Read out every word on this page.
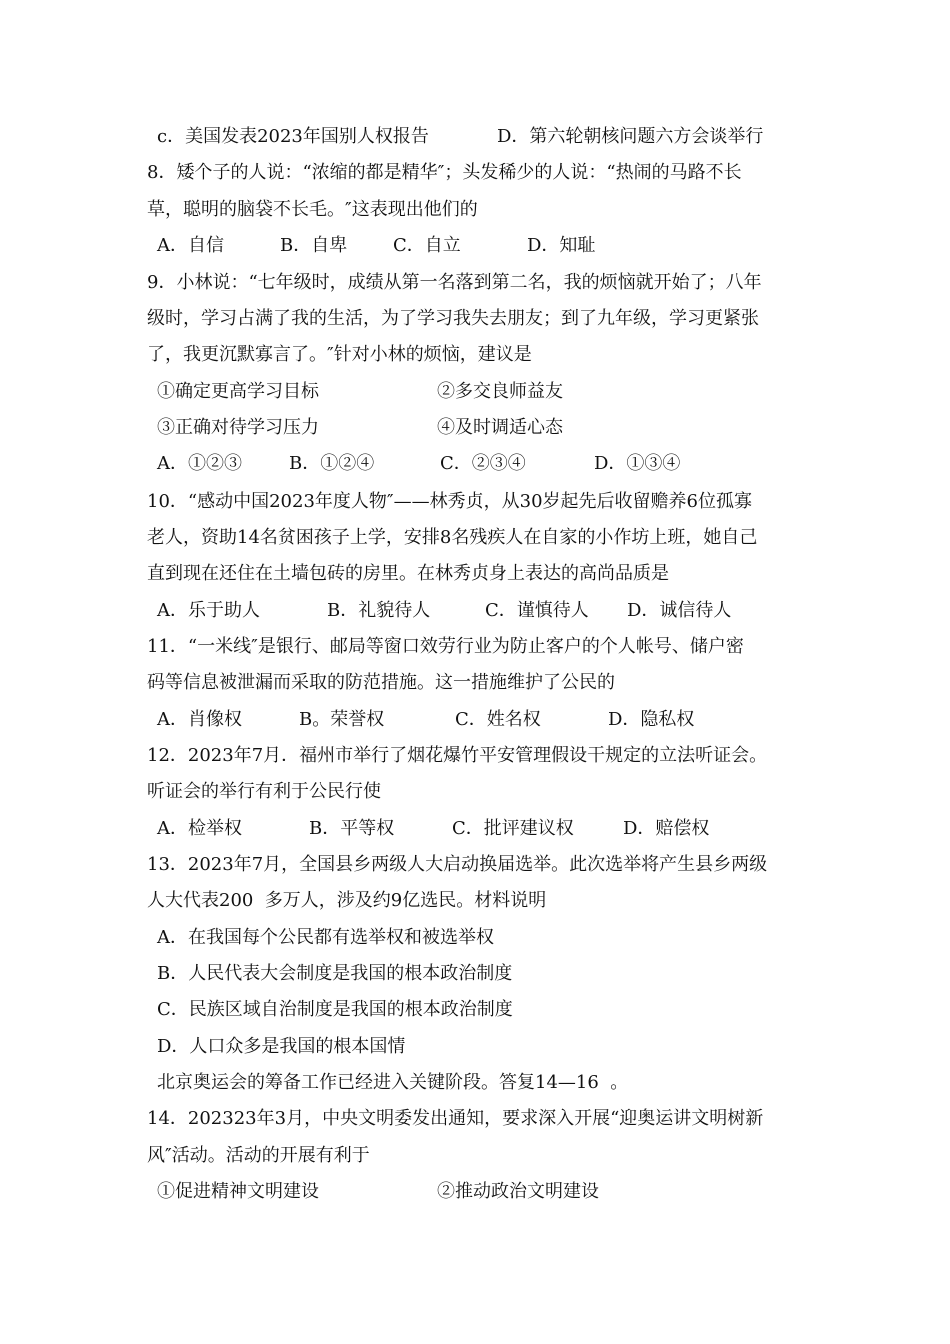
c．美国发表2023年国别人权报告	D．第六轮朝核问题六方会谈举行
8．矮个子的人说：“浓缩的都是精华″；头发稀少的人说：“热闹的马路不长
草，聪明的脑袋不长毛。″这表现出他们的
A．自信	B．自卑	C．自立	D．知耻
9．小林说：“七年级时，成绩从第一名落到第二名，我的烦恼就开始了；八年
级时，学习占满了我的生活，为了学习我失去朋友；到了九年级，学习更紧张
了，我更沉默寡言了。″针对小林的烦恼，建议是
①确定更高学习目标	②多交良师益友
③正确对待学习压力	④及时调适心态
A．①②③	B．①②④	C．②③④	D．①③④
10．“感动中国2023年度人物″——林秀贞，从30岁起先后收留赡养6位孤寡
老人，资助14名贫困孩子上学，安排8名残疾人在自家的小作坊上班，她自己
直到现在还住在土墙包砖的房里。在林秀贞身上表达的高尚品质是
A．乐于助人	B．礼貌待人	C．谨慎待人 D．诚信待人
11．“一米线″是银行、邮局等窗口效劳行业为防止客户的个人帐号、储户密
码等信息被泄漏而采取的防范措施。这一措施维护了公民的
A．肖像权	B。荣誉权	C．姓名权	D．隐私权
12．2023年7月．福州市举行了烟花爆竹平安管理假设干规定的立法听证会。
听证会的举行有利于公民行使
A．检举权	B．平等权	C．批评建议权	D．赔偿权
13．2023年7月，全国县乡两级人大启动换届选举。此次选举将产生县乡两级
人大代表200  多万人，涉及约9亿选民。材料说明
A．在我国每个公民都有选举权和被选举权
B．人民代表大会制度是我国的根本政治制度
C．民族区域自治制度是我国的根本政治制度
D．人口众多是我国的根本国情
北京奥运会的筹备工作已经进入关键阶段。答复14—16  。
14．202323年3月，中央文明委发出通知，要求深入开展“迎奥运讲文明树新
风″活动。活动的开展有利于
①促进精神文明建设	②推动政治文明建设
